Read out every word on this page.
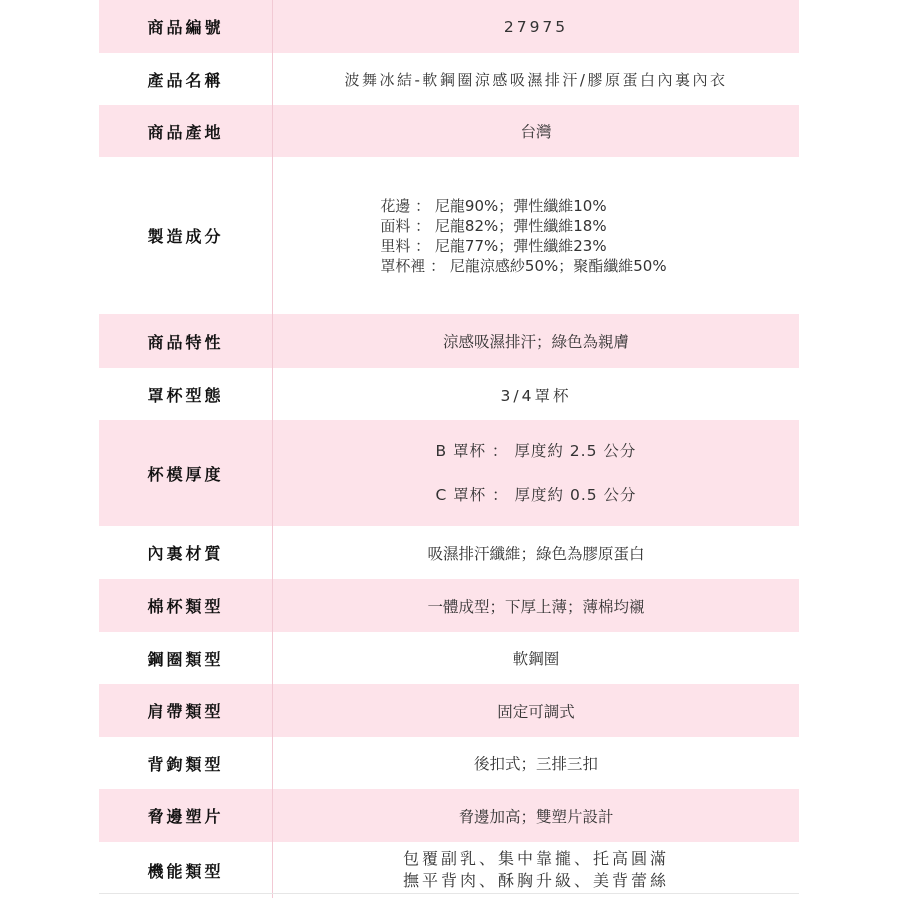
商品編號	27975
產品名稱	波舞冰結-軟鋼圈涼感吸濕排汗/膠原蛋白內裏內衣
商品產地	台灣
製造成分
花邊 ： 尼龍90%；彈性纖維10%
面料 ： 尼龍82%；彈性纖維18%
里料 ： 尼龍77%；彈性纖維23%
罩杯裡 ： 尼龍涼感紗50%；聚酯纖維50%
商品特性	涼感吸濕排汗；綠色為親膚
罩杯型態	3/4罩杯
杯模厚度
B 罩杯 ： 厚度約 2.5 公分
C 罩杯 ： 厚度約 0.5 公分
內裏材質	吸濕排汗纖維；綠色為膠原蛋白
棉杯類型	一體成型；下厚上薄；薄棉均襯
鋼圈類型	軟鋼圈
肩帶類型	固定可調式
背鉤類型	後扣式；三排三扣
脅邊塑片	脅邊加高；雙塑片設計
機能類型
包覆副乳、集中靠攏、托高圓滿
撫平背肉、酥胸升級、美背蕾絲
